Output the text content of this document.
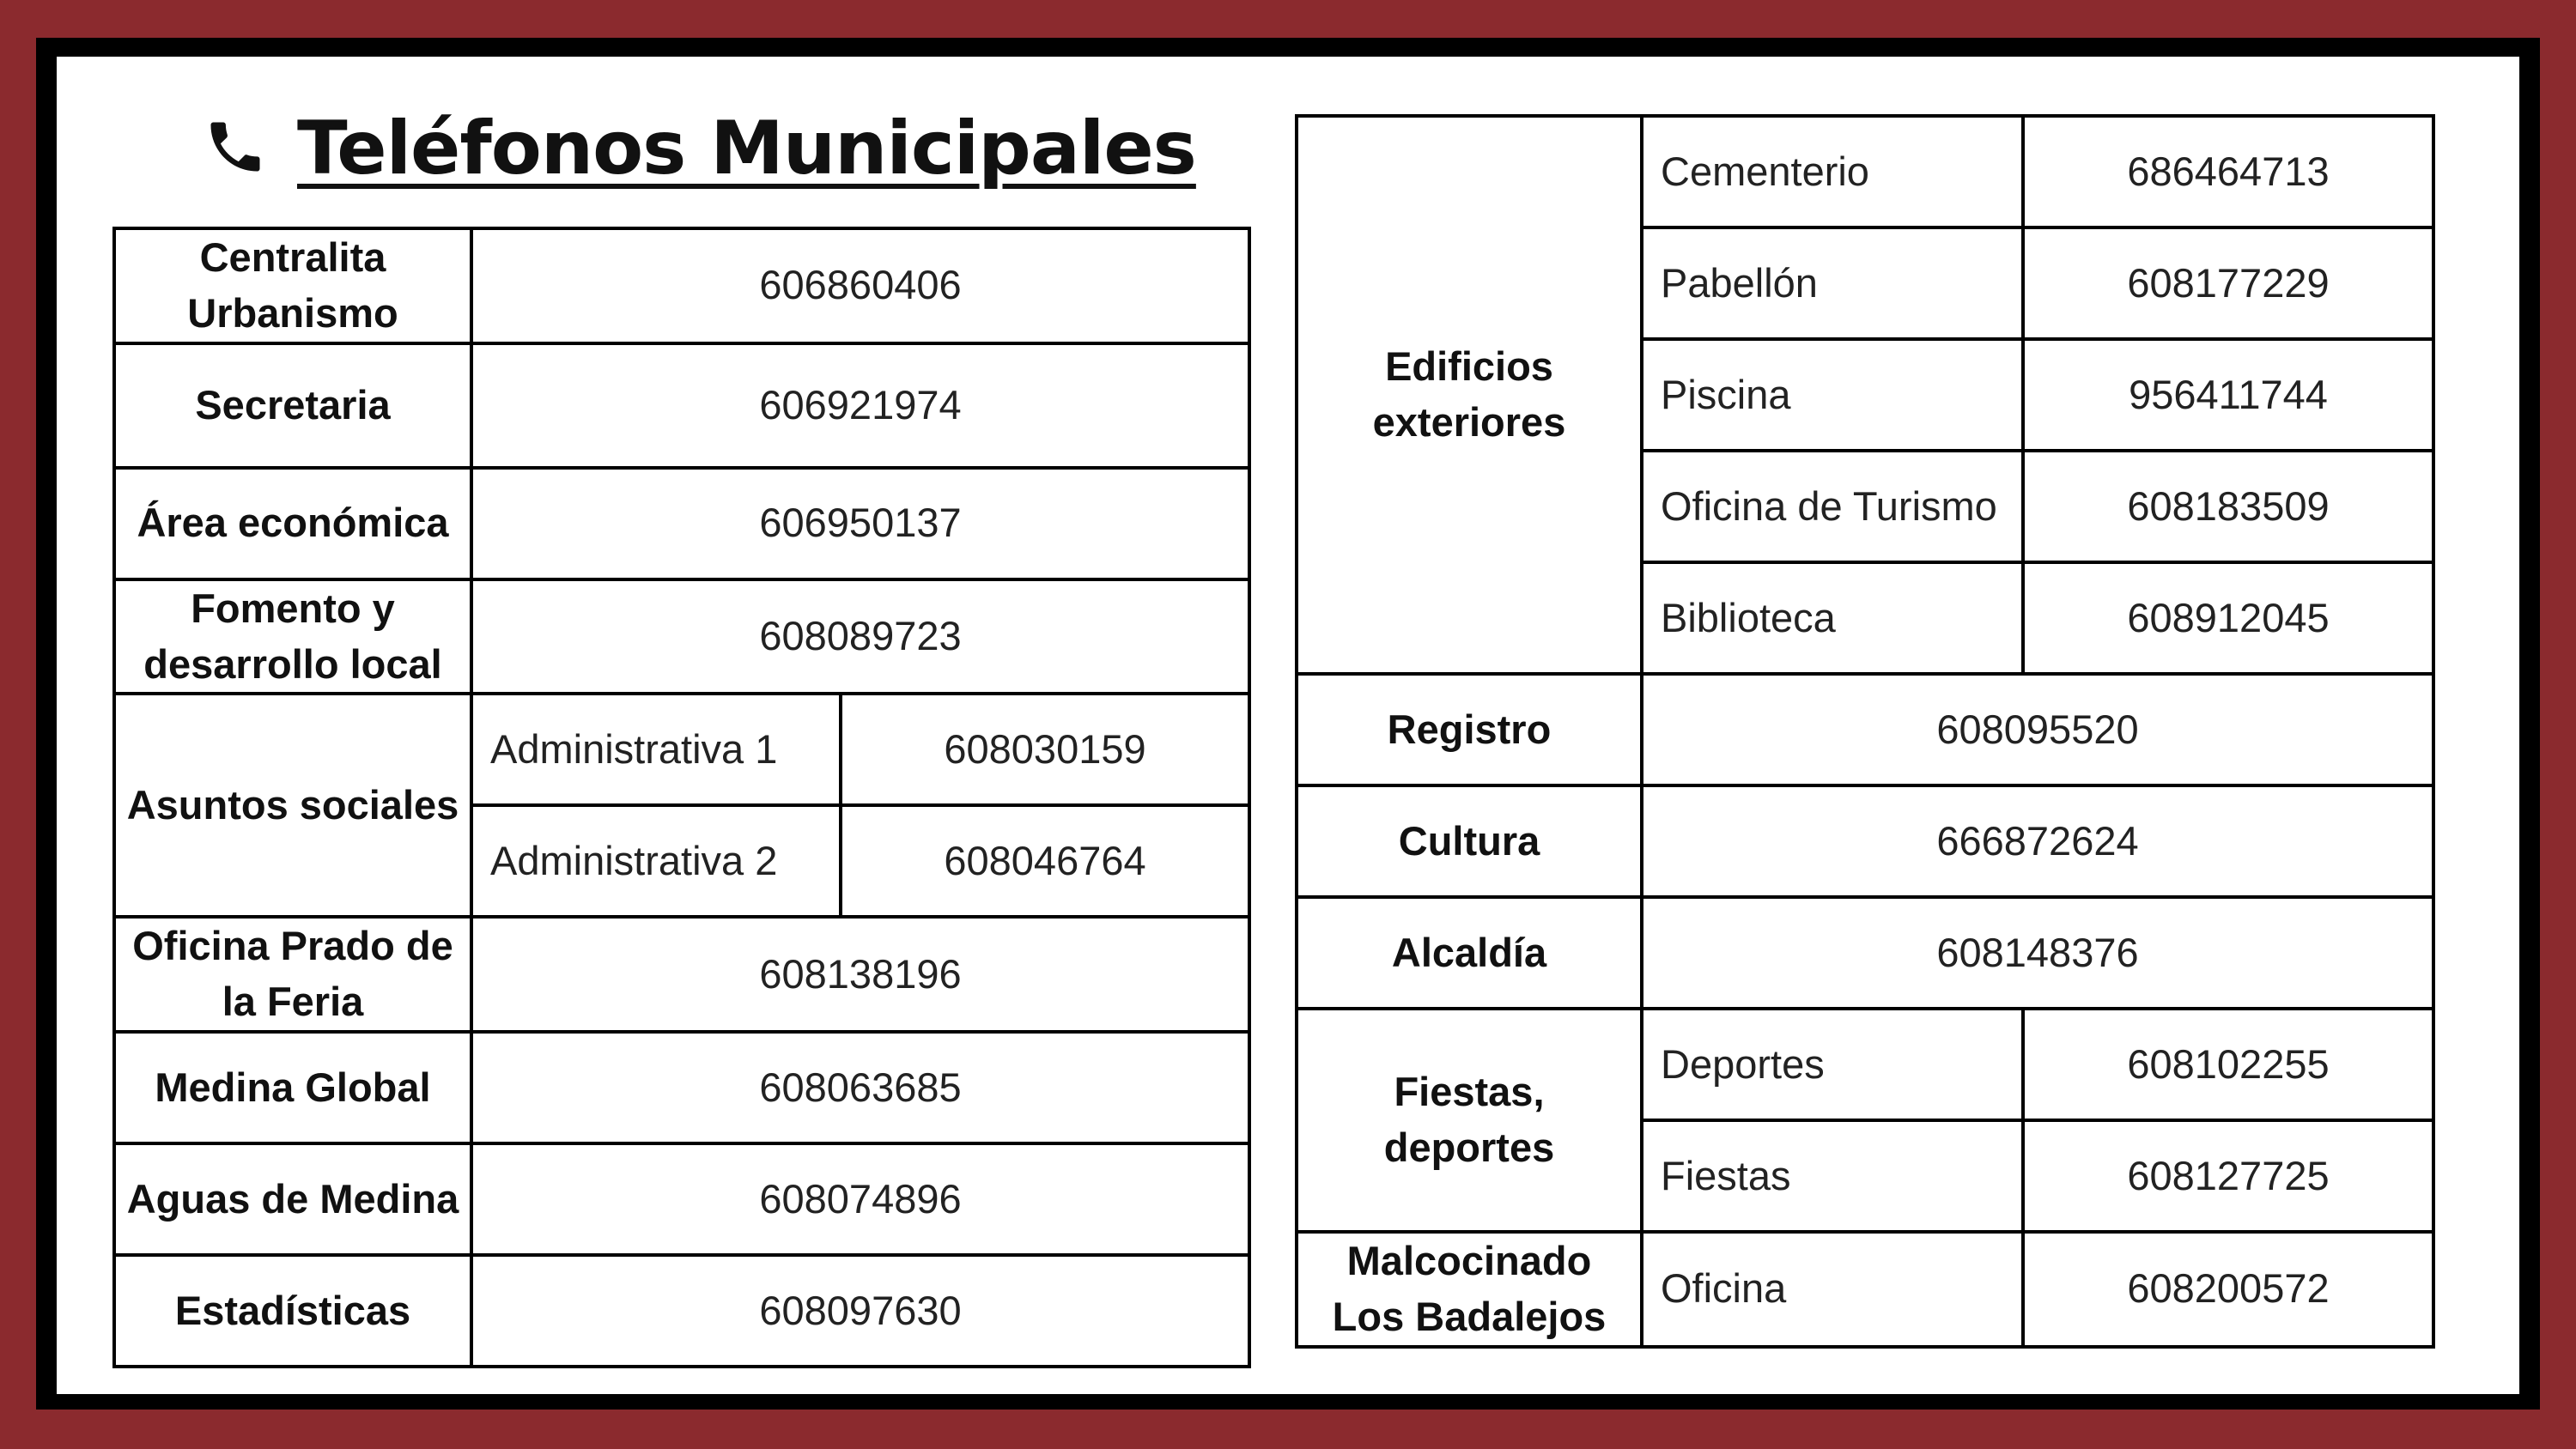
Teléfonos Municipales
Centralita Urbanismo	606860406	
Secretaria	606921974	
Área económica	606950137	
Fomento y desarrollo local	608089723	
Asuntos sociales	Administrativa 1	608030159
	Administrativa 2	608046764
Oficina Prado de la Feria	608138196	
Medina Global	608063685	
Aguas de Medina	608074896	
Estadísticas	608097630	
Edificios exteriores	Cementerio	686464713
	Pabellón	608177229
	Piscina	956411744
	Oficina de Turismo	608183509
	Biblioteca	608912045
Registro	608095520	
Cultura	666872624	
Alcaldía	608148376	
Fiestas, deportes	Deportes	608102255
	Fiestas	608127725
Malcocinado Los Badalejos	Oficina	608200572
